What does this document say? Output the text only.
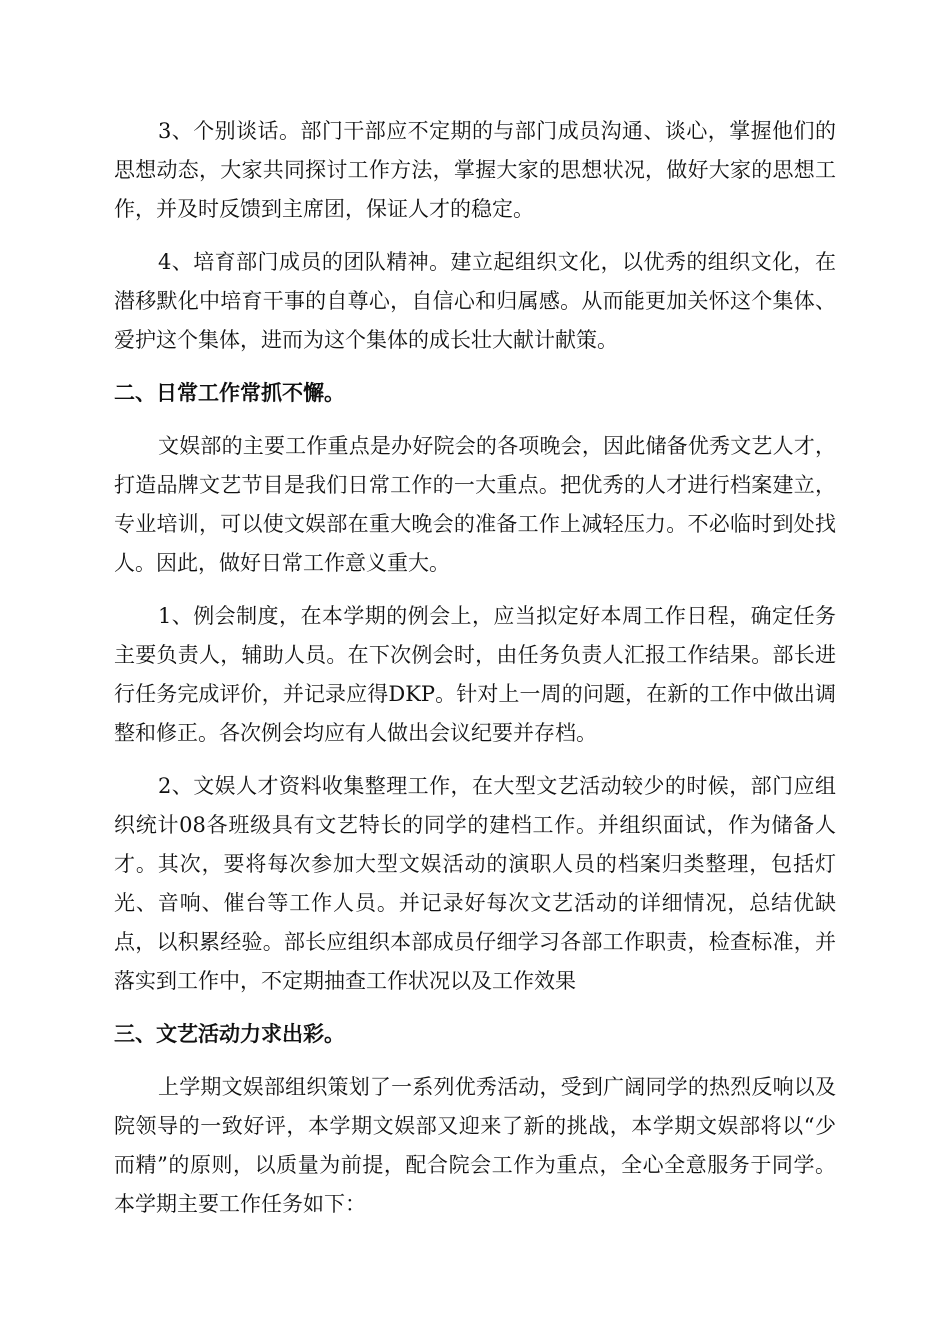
3、个别谈话。部门干部应不定期的与部门成员沟通、谈心，掌握他们的思想动态，大家共同探讨工作方法，掌握大家的思想状况，做好大家的思想工作，并及时反馈到主席团，保证人才的稳定。

4、培育部门成员的团队精神。建立起组织文化，以优秀的组织文化，在潜移默化中培育干事的自尊心，自信心和归属感。从而能更加关怀这个集体、爱护这个集体，进而为这个集体的成长壮大献计献策。

二、日常工作常抓不懈。

文娱部的主要工作重点是办好院会的各项晚会，因此储备优秀文艺人才，打造品牌文艺节目是我们日常工作的一大重点。把优秀的人才进行档案建立，专业培训，可以使文娱部在重大晚会的准备工作上减轻压力。不必临时到处找人。因此，做好日常工作意义重大。

1、例会制度，在本学期的例会上，应当拟定好本周工作日程，确定任务主要负责人，辅助人员。在下次例会时，由任务负责人汇报工作结果。部长进行任务完成评价，并记录应得DKP。针对上一周的问题，在新的工作中做出调整和修正。各次例会均应有人做出会议纪要并存档。

2、文娱人才资料收集整理工作，在大型文艺活动较少的时候，部门应组织统计08各班级具有文艺特长的同学的建档工作。并组织面试，作为储备人才。其次，要将每次参加大型文娱活动的演职人员的档案归类整理，包括灯光、音响、催台等工作人员。并记录好每次文艺活动的详细情况，总结优缺点，以积累经验。部长应组织本部成员仔细学习各部工作职责，检查标准，并落实到工作中，不定期抽查工作状况以及工作效果

三、文艺活动力求出彩。

上学期文娱部组织策划了一系列优秀活动，受到广阔同学的热烈反响以及院领导的一致好评，本学期文娱部又迎来了新的挑战，本学期文娱部将以“少而精”的原则，以质量为前提，配合院会工作为重点，全心全意服务于同学。本学期主要工作任务如下：
